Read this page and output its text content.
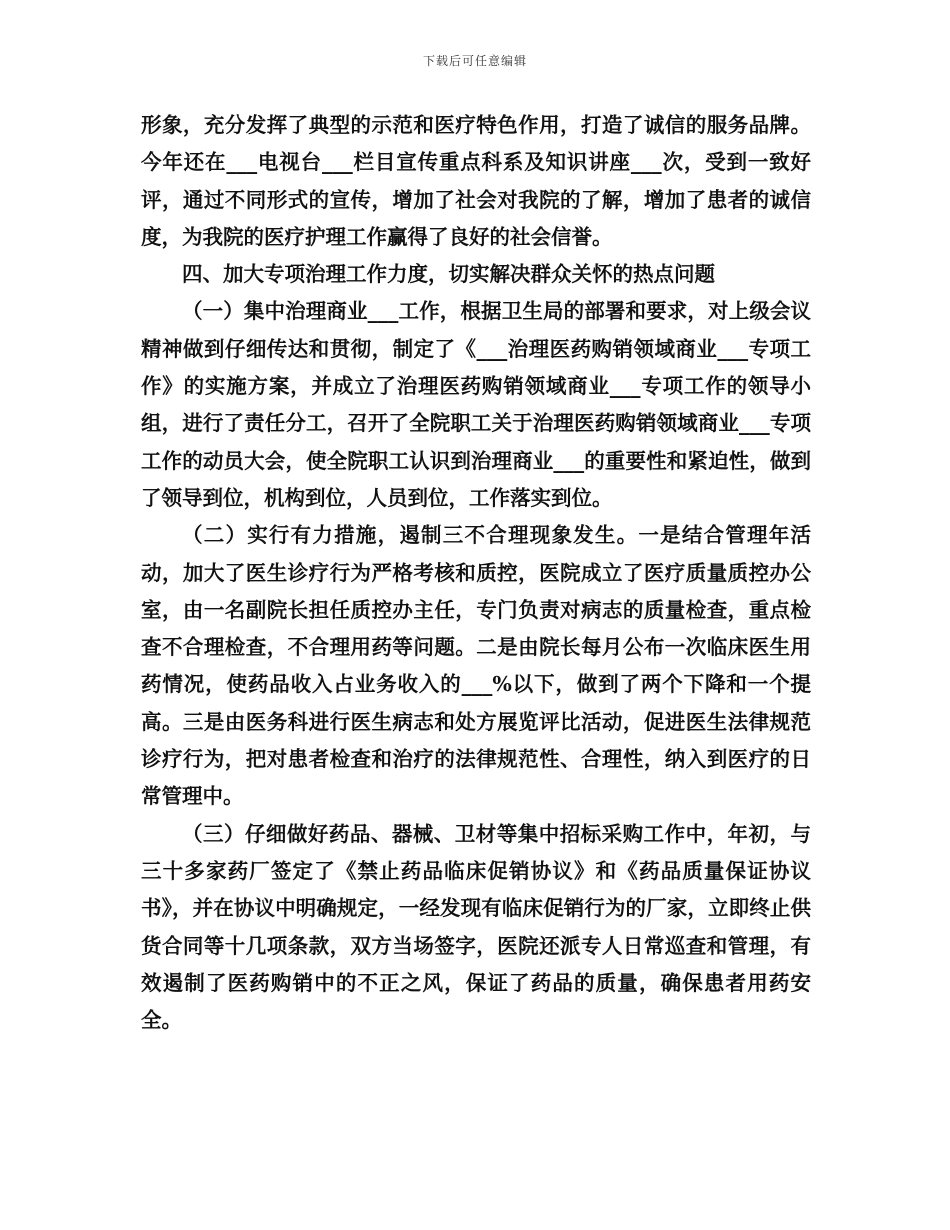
下载后可任意编辑

形象，充分发挥了典型的示范和医疗特色作用，打造了诚信的服务品牌。今年还在___电视台___栏目宣传重点科系及知识讲座___次，受到一致好评，通过不同形式的宣传，增加了社会对我院的了解，增加了患者的诚信度，为我院的医疗护理工作赢得了良好的社会信誉。

四、加大专项治理工作力度，切实解决群众关怀的热点问题

（一）集中治理商业___工作，根据卫生局的部署和要求，对上级会议精神做到仔细传达和贯彻，制定了《___治理医药购销领域商业___专项工作》的实施方案，并成立了治理医药购销领域商业___专项工作的领导小组，进行了责任分工，召开了全院职工关于治理医药购销领域商业___专项工作的动员大会，使全院职工认识到治理商业___的重要性和紧迫性，做到了领导到位，机构到位，人员到位，工作落实到位。

（二）实行有力措施，遏制三不合理现象发生。一是结合管理年活动，加大了医生诊疗行为严格考核和质控，医院成立了医疗质量质控办公室，由一名副院长担任质控办主任，专门负责对病志的质量检查，重点检查不合理检查，不合理用药等问题。二是由院长每月公布一次临床医生用药情况，使药品收入占业务收入的___%以下，做到了两个下降和一个提高。三是由医务科进行医生病志和处方展览评比活动，促进医生法律规范诊疗行为，把对患者检查和治疗的法律规范性、合理性，纳入到医疗的日常管理中。

（三）仔细做好药品、器械、卫材等集中招标采购工作中，年初，与三十多家药厂签定了《禁止药品临床促销协议》和《药品质量保证协议书》，并在协议中明确规定，一经发现有临床促销行为的厂家，立即终止供货合同等十几项条款，双方当场签字，医院还派专人日常巡查和管理，有效遏制了医药购销中的不正之风，保证了药品的质量，确保患者用药安全。
